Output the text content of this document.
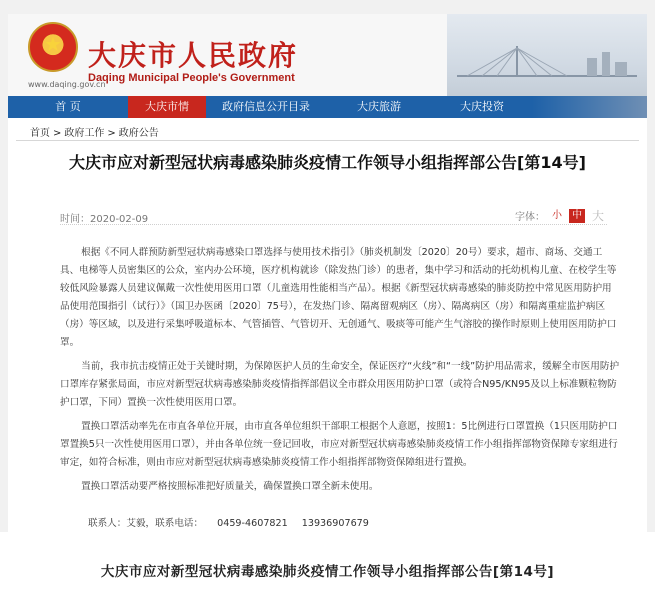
★ 大庆市人民政府
Daqing Municipal People's Government
www.daqing.gov.cn
首 页	大庆市情	政府信息公开目录	大庆旅游	大庆投资
首页 > 政府工作 > 政府公告
大庆市应对新型冠状病毒感染肺炎疫情工作领导小组指挥部公告[第14号]
时间：2020-02-09	字体： 小	中 大

根据《不同人群预防新型冠状病毒感染口罩选择与使用技术指引》（肺炎机制发〔2020〕20号）要求，超市、商场、交通工具、电梯等人员密集区的公众，室内办公环境，医疗机构就诊（除发热门诊）的患者，集中学习和活动的托幼机构儿童、在校学生等较低风险暴露人员建议佩戴一次性使用医用口罩（儿童选用性能相当产品）。根据《新型冠状病毒感染的肺炎防控中常见医用防护用品使用范围指引（试行）》（国卫办医函〔2020〕75号），在发热门诊、隔离留观病区（房）、隔离病区（房）和隔离重症监护病区（房）等区域，以及进行采集呼吸道标本、气管插管、气管切开、无创通气、吸痰等可能产生气溶胶的操作时原则上使用医用防护口罩。

当前，我市抗击疫情正处于关键时期，为保障医护人员的生命安全，保证医疗“火线”和“一线”防护用品需求，缓解全市医用防护口罩库存紧张局面，市应对新型冠状病毒感染肺炎疫情指挥部倡议全市群众用医用防护口罩（或符合N95/KN95及以上标准颗粒物防护口罩，下同）置换一次性使用医用口罩。

置换口罩活动率先在市直各单位开展，由市直各单位组织干部职工根据个人意愿，按照1：5比例进行口罩置换（1只医用防护口罩置换5只一次性使用医用口罩），并由各单位统一登记回收，市应对新型冠状病毒感染肺炎疫情工作小组指挥部物资保障专家组进行审定，如符合标准，则由市应对新型冠状病毒感染肺炎疫情工作小组指挥部物资保障组进行置换。

置换口罩活动要严格按照标准把好质量关，确保置换口罩全新未使用。

联系人：艾毅，联系电话： 0459-4607821 13936907679
大庆市应对新型冠状病毒感染肺炎疫情工作领导小组指挥部公告[第14号]
